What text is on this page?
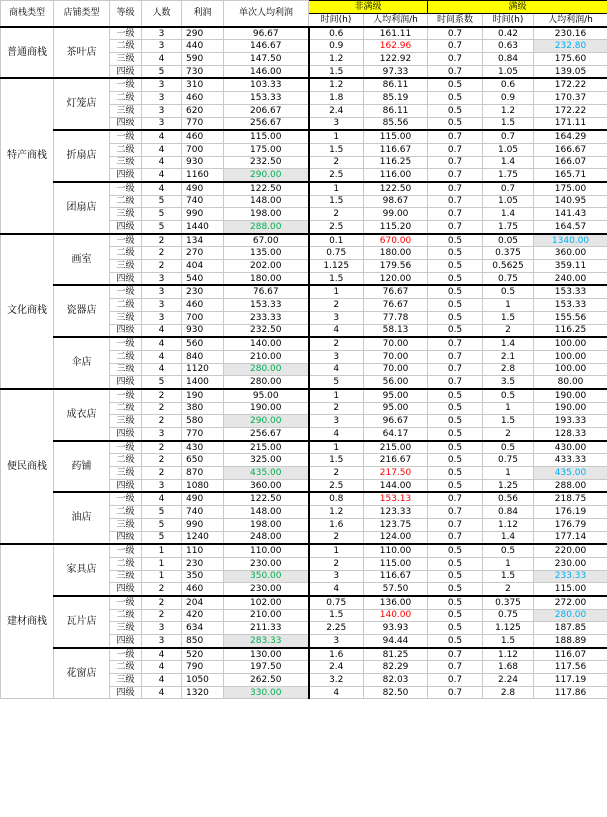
商栈类型	店铺类型	等级	人数	利润	单次人均利润	非满级		满级		
						时间(h)	人均利润/h	时间系数	时间(h)	人均利润/h
普通商栈	茶叶店	一级	3	290	96.67	0.6	161.11	0.7	0.42	230.16
		二级	3	440	146.67	0.9	162.96	0.7	0.63	232.80
		三级	4	590	147.50	1.2	122.92	0.7	0.84	175.60
		四级	5	730	146.00	1.5	97.33	0.7	1.05	139.05
特产商栈	灯笼店	一级	3	310	103.33	1.2	86.11	0.5	0.6	172.22
		二级	3	460	153.33	1.8	85.19	0.5	0.9	170.37
		三级	3	620	206.67	2.4	86.11	0.5	1.2	172.22
		四级	3	770	256.67	3	85.56	0.5	1.5	171.11
	折扇店	一级	4	460	115.00	1	115.00	0.7	0.7	164.29
		二级	4	700	175.00	1.5	116.67	0.7	1.05	166.67
		三级	4	930	232.50	2	116.25	0.7	1.4	166.07
		四级	4	1160	290.00	2.5	116.00	0.7	1.75	165.71
	团扇店	一级	4	490	122.50	1	122.50	0.7	0.7	175.00
		二级	5	740	148.00	1.5	98.67	0.7	1.05	140.95
		三级	5	990	198.00	2	99.00	0.7	1.4	141.43
		四级	5	1440	288.00	2.5	115.20	0.7	1.75	164.57
文化商栈	画室	一级	2	134	67.00	0.1	670.00	0.5	0.05	1340.00
		二级	2	270	135.00	0.75	180.00	0.5	0.375	360.00
		三级	2	404	202.00	1.125	179.56	0.5	0.5625	359.11
		四级	3	540	180.00	1.5	120.00	0.5	0.75	240.00
	瓷器店	一级	3	230	76.67	1	76.67	0.5	0.5	153.33
		二级	3	460	153.33	2	76.67	0.5	1	153.33
		三级	3	700	233.33	3	77.78	0.5	1.5	155.56
		四级	4	930	232.50	4	58.13	0.5	2	116.25
	伞店	一级	4	560	140.00	2	70.00	0.7	1.4	100.00
		二级	4	840	210.00	3	70.00	0.7	2.1	100.00
		三级	4	1120	280.00	4	70.00	0.7	2.8	100.00
		四级	5	1400	280.00	5	56.00	0.7	3.5	80.00
便民商栈	成衣店	一级	2	190	95.00	1	95.00	0.5	0.5	190.00
		二级	2	380	190.00	2	95.00	0.5	1	190.00
		三级	2	580	290.00	3	96.67	0.5	1.5	193.33
		四级	3	770	256.67	4	64.17	0.5	2	128.33
	药铺	一级	2	430	215.00	1	215.00	0.5	0.5	430.00
		二级	2	650	325.00	1.5	216.67	0.5	0.75	433.33
		三级	2	870	435.00	2	217.50	0.5	1	435.00
		四级	3	1080	360.00	2.5	144.00	0.5	1.25	288.00
	油店	一级	4	490	122.50	0.8	153.13	0.7	0.56	218.75
		二级	5	740	148.00	1.2	123.33	0.7	0.84	176.19
		三级	5	990	198.00	1.6	123.75	0.7	1.12	176.79
		四级	5	1240	248.00	2	124.00	0.7	1.4	177.14
建材商栈	家具店	一级	1	110	110.00	1	110.00	0.5	0.5	220.00
		二级	1	230	230.00	2	115.00	0.5	1	230.00
		三级	1	350	350.00	3	116.67	0.5	1.5	233.33
		四级	2	460	230.00	4	57.50	0.5	2	115.00
	瓦片店	一级	2	204	102.00	0.75	136.00	0.5	0.375	272.00
		二级	2	420	210.00	1.5	140.00	0.5	0.75	280.00
		三级	3	634	211.33	2.25	93.93	0.5	1.125	187.85
		四级	3	850	283.33	3	94.44	0.5	1.5	188.89
	花窗店	一级	4	520	130.00	1.6	81.25	0.7	1.12	116.07
		二级	4	790	197.50	2.4	82.29	0.7	1.68	117.56
		三级	4	1050	262.50	3.2	82.03	0.7	2.24	117.19
		四级	4	1320	330.00	4	82.50	0.7	2.8	117.86
